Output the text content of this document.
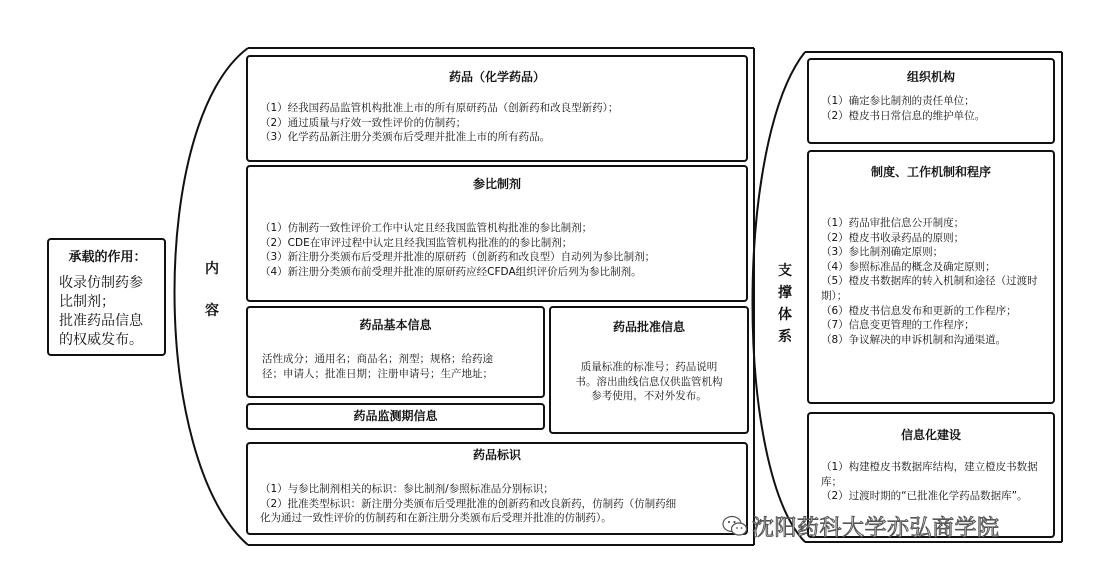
承载的作用：
收录仿制药参
比制剂；
批准药品信息
的权威发布。
内
容
支
撑
体
系
药品（化学药品）
（1）经我国药品监管机构批准上市的所有原研药品（创新药和改良型新药）；
（2）通过质量与疗效一致性评价的仿制药；
（3）化学药品新注册分类颁布后受理并批准上市的所有药品。
参比制剂
（1）仿制药一致性评价工作中认定且经我国监管机构批准的参比制剂；
（2）CDE在审评过程中认定且经我国监管机构批准的的参比制剂；
（3）新注册分类颁布后受理并批准的原研药（创新药和改良型）自动列为参比制剂；
（4）新注册分类颁布前受理并批准的原研药应经CFDA组织评价后列为参比制剂。
药品基本信息
活性成分；通用名；商品名；剂型；规格；给药途
径；申请人；批准日期；注册申请号；生产地址；
药品监测期信息
药品批准信息
质量标准的标准号；药品说明
书。溶出曲线信息仅供监管机构
参考使用，不对外发布。
药品标识
（1）与参比制剂相关的标识：参比制剂/参照标准品分别标识；
（2）批准类型标识：新注册分类颁布后受理批准的创新药和改良新药，仿制药（仿制药细
化为通过一致性评价的仿制药和在新注册分类颁布后受理并批准的仿制药）。
组织机构
（1）确定参比制剂的责任单位；
（2）橙皮书日常信息的维护单位。
制度、工作机制和程序
（1）药品审批信息公开制度；
（2）橙皮书收录药品的原则；
（3）参比制剂确定原则；
（4）参照标准品的概念及确定原则；
（5）橙皮书数据库的转入机制和途径（过渡时
期）；
（6）橙皮书信息发布和更新的工作程序；
（7）信息变更管理的工作程序；
（8）争议解决的申诉机制和沟通渠道。
信息化建设
（1）构建橙皮书数据库结构，建立橙皮书数据
库；
（2）过渡时期的“已批准化学药品数据库”。
沈阳药科大学亦弘商学院
